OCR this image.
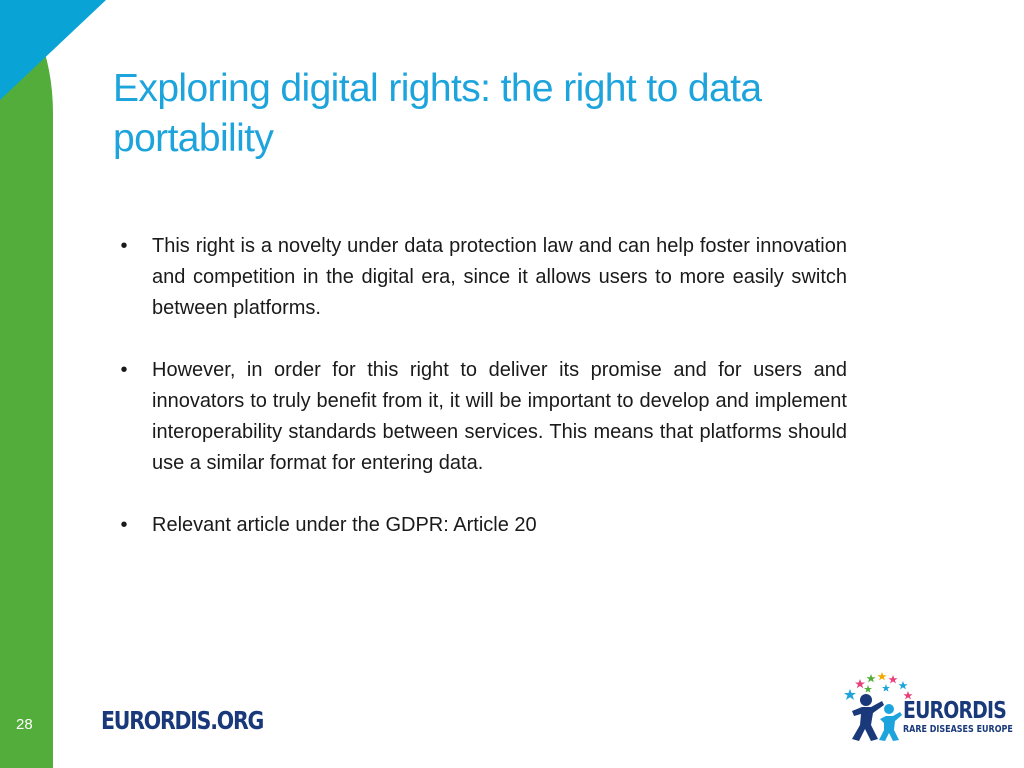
Exploring digital rights: the right to data portability
• This right is a novelty under data protection law and can help foster innovation and competition in the digital era, since it allows users to more easily switch between platforms.
• However, in order for this right to deliver its promise and for users and innovators to truly benefit from it, it will be important to develop and implement interoperability standards between services. This means that platforms should use a similar format for entering data.
• Relevant article under the GDPR: Article 20
28	EURORDIS.ORG	EURORDIS
RARE DISEASES EUROPE
